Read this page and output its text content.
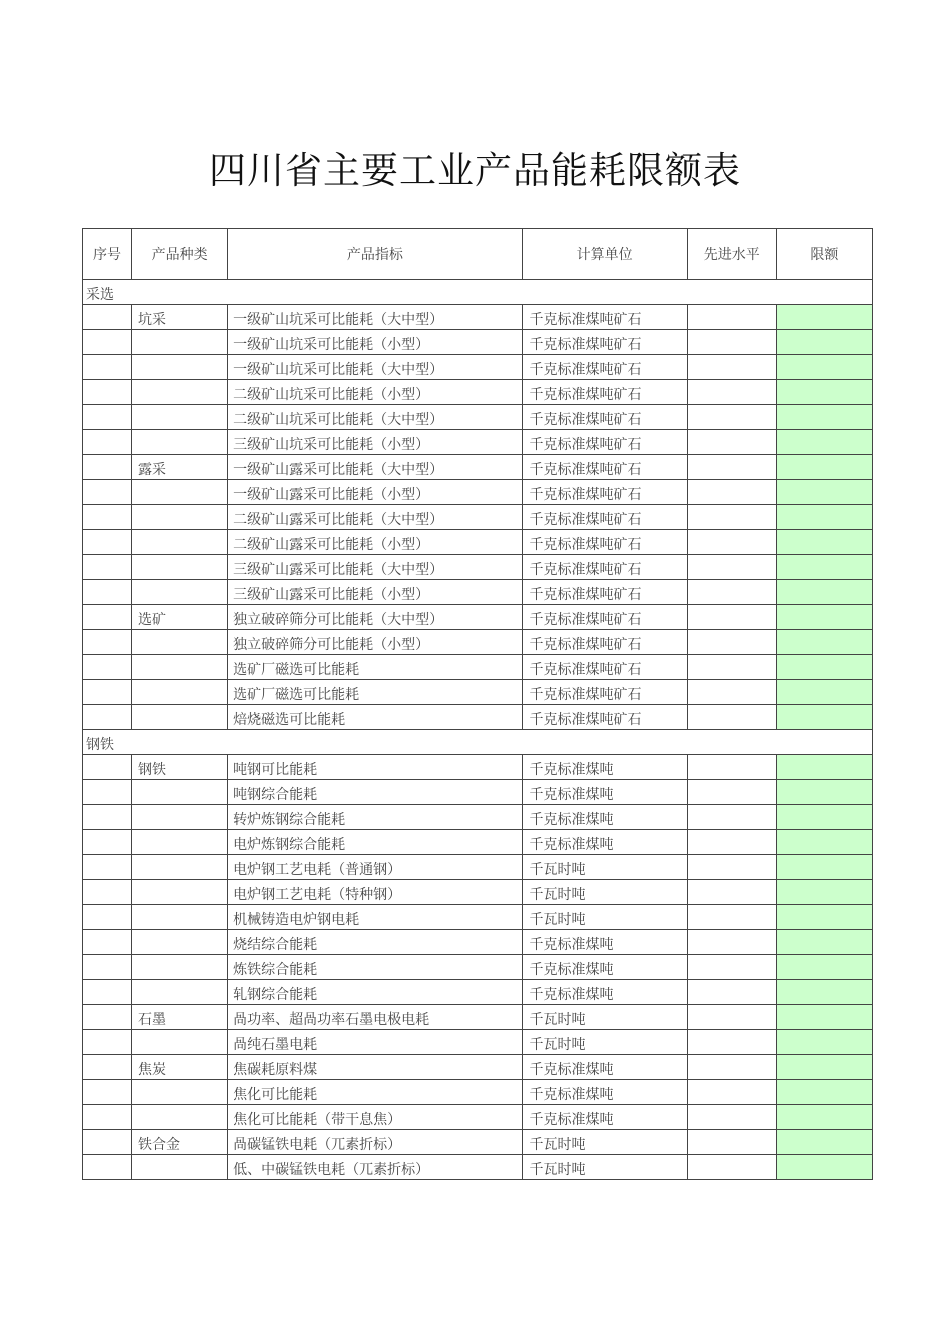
四川省主要工业产品能耗限额表
序号	产品种类	产品指标	计算单位	先进水平	限额
采选					
	坑采	一级矿山坑采可比能耗（大中型）	千克标准煤吨矿石		
		一级矿山坑采可比能耗（小型）	千克标准煤吨矿石		
		一级矿山坑采可比能耗（大中型）	千克标准煤吨矿石		
		二级矿山坑采可比能耗（小型）	千克标准煤吨矿石		
		二级矿山坑采可比能耗（大中型）	千克标准煤吨矿石		
		三级矿山坑采可比能耗（小型）	千克标准煤吨矿石		
	露采	一级矿山露采可比能耗（大中型）	千克标准煤吨矿石		
		一级矿山露采可比能耗（小型）	千克标准煤吨矿石		
		二级矿山露采可比能耗（大中型）	千克标准煤吨矿石		
		二级矿山露采可比能耗（小型）	千克标准煤吨矿石		
		三级矿山露采可比能耗（大中型）	千克标准煤吨矿石		
		三级矿山露采可比能耗（小型）	千克标准煤吨矿石		
	选矿	独立破碎筛分可比能耗（大中型）	千克标准煤吨矿石		
		独立破碎筛分可比能耗（小型）	千克标准煤吨矿石		
		选矿厂磁选可比能耗	千克标准煤吨矿石		
		选矿厂磁选可比能耗	千克标准煤吨矿石		
		焙烧磁选可比能耗	千克标准煤吨矿石		
钢铁					
	钢铁	吨钢可比能耗	千克标准煤吨		
		吨钢综合能耗	千克标准煤吨		
		转炉炼钢综合能耗	千克标准煤吨		
		电炉炼钢综合能耗	千克标准煤吨		
		电炉钢工艺电耗（普通钢）	千瓦时吨		
		电炉钢工艺电耗（特种钢）	千瓦时吨		
		机械铸造电炉钢电耗	千瓦时吨		
		烧结综合能耗	千克标准煤吨		
		炼铁综合能耗	千克标准煤吨		
		轧钢综合能耗	千克标准煤吨		
	石墨	咼功率、超咼功率石墨电极电耗	千瓦时吨		
		咼纯石墨电耗	千瓦时吨		
	焦炭	焦碳耗原料煤	千克标准煤吨		
		焦化可比能耗	千克标准煤吨		
		焦化可比能耗（带干息焦）	千克标准煤吨		
	铁合金	咼碳锰铁电耗（兀素折标）	千瓦时吨		
		低、中碳锰铁电耗（兀素折标）	千瓦时吨		
